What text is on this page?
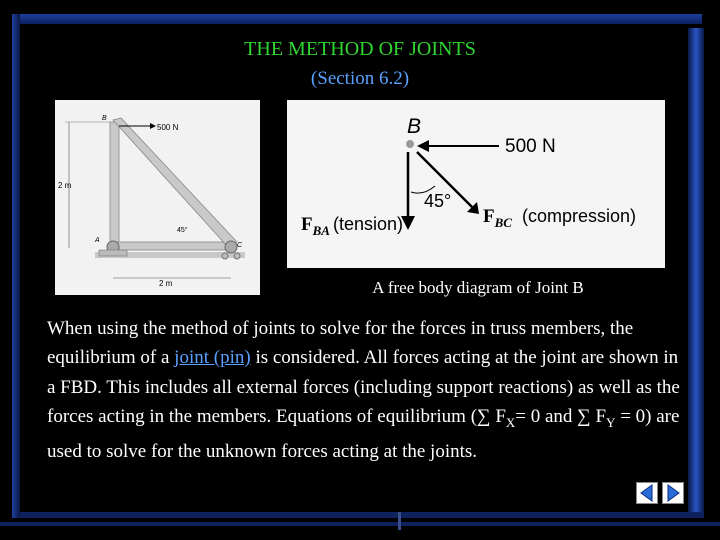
THE METHOD OF JOINTS
(Section 6.2)
500 N
B
A
C
2 m
2 m
45°
B
500 N
45°
$F_{BA}$ (tension)	$F_{BC}$ (compression)
A free body diagram of Joint B
When using the method of joints to solve for the forces in truss members, the equilibrium of a joint (pin) is considered. All forces acting at the joint are shown in a FBD. This includes all external forces (including support reactions) as well as the forces acting in the members. Equations of equilibrium (∑ $F_X= 0$ and ∑ $F_Y = 0$) are used to solve for the unknown forces acting at the joints.
